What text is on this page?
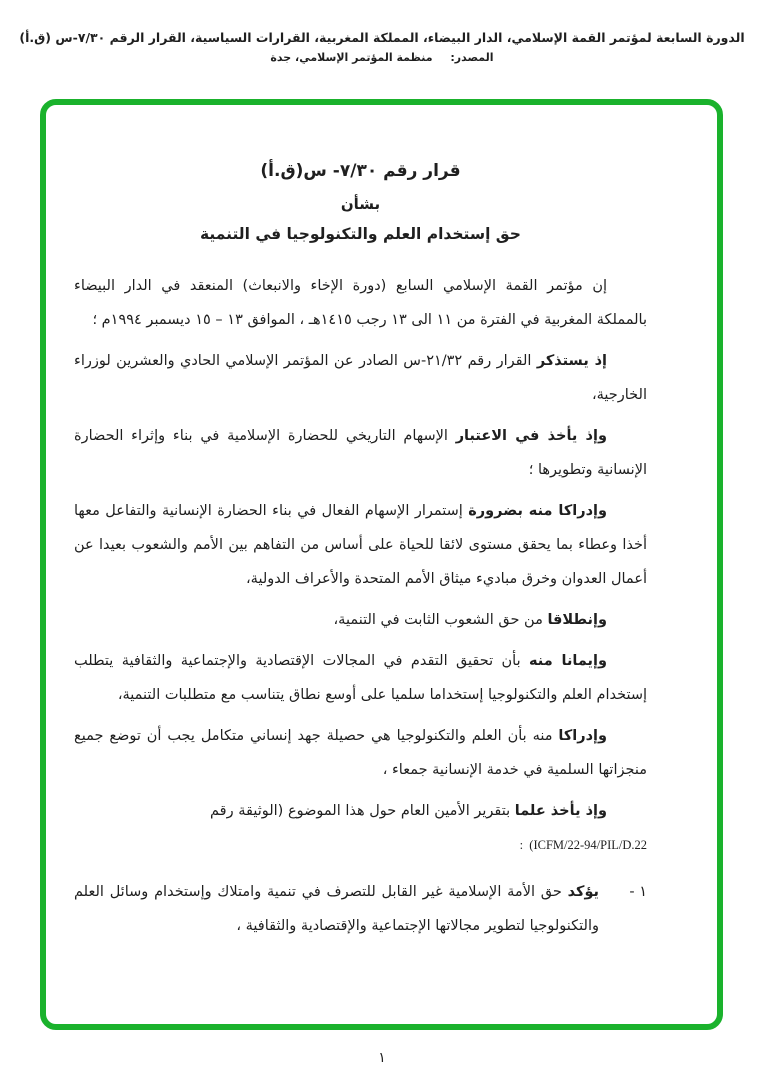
الدورة السابعة لمؤتمر القمة الإسلامي، الدار البيضاء، المملكة المغربية، القرارات السياسية، القرار الرقم ٧/٣٠-س (ق.أ)
المصدر: منظمة المؤتمر الإسلامي، جدة
قرار رقم ٧/٣٠- س(ق.أ)
بشأن
حق إستخدام العلم والتكنولوجيا في التنمية

إن مؤتمر القمة الإسلامي السابع (دورة الإخاء والانبعاث) المنعقد في الدار البيضاء بالمملكة المغربية في الفترة من ١١ الى ١٣ رجب ١٤١٥هـ ، الموافق ١٣ – ١٥ ديسمبر ١٩٩٤م ؛

إذ يستذكر القرار رقم ٢١/٣٢-س الصادر عن المؤتمر الإسلامي الحادي والعشرين لوزراء الخارجية،

وإذ يأخذ في الاعتبار الإسهام التاريخي للحضارة الإسلامية في بناء وإثراء الحضارة الإنسانية وتطويرها ؛

وإدراكا منه بضرورة إستمرار الإسهام الفعال في بناء الحضارة الإنسانية والتفاعل معها أخذا وعطاء بما يحقق مستوى لائقا للحياة على أساس من التفاهم بين الأمم والشعوب بعيدا عن أعمال العدوان وخرق مباديء ميثاق الأمم المتحدة والأعراف الدولية،

وإنطلاقا من حق الشعوب الثابت في التنمية،

وإيمانا منه بأن تحقيق التقدم في المجالات الإقتصادية والإجتماعية والثقافية يتطلب إستخدام العلم والتكنولوجيا إستخداما سلميا على أوسع نطاق يتناسب مع متطلبات التنمية،

وإدراكا منه بأن العلم والتكنولوجيا هي حصيلة جهد إنساني متكامل يجب أن توضع جميع منجزاتها السلمية في خدمة الإنسانية جمعاء ،

وإذ يأخذ علما بتقرير الأمين العام حول هذا الموضوع (الوثيقة رقم

:  (ICFM/22-94/PIL/D.22
١ -
يؤكد حق الأمة الإسلامية غير القابل للتصرف في تنمية وامتلاك وإستخدام وسائل العلم والتكنولوجيا لتطوير مجالاتها الإجتماعية والإقتصادية والثقافية ،
١
